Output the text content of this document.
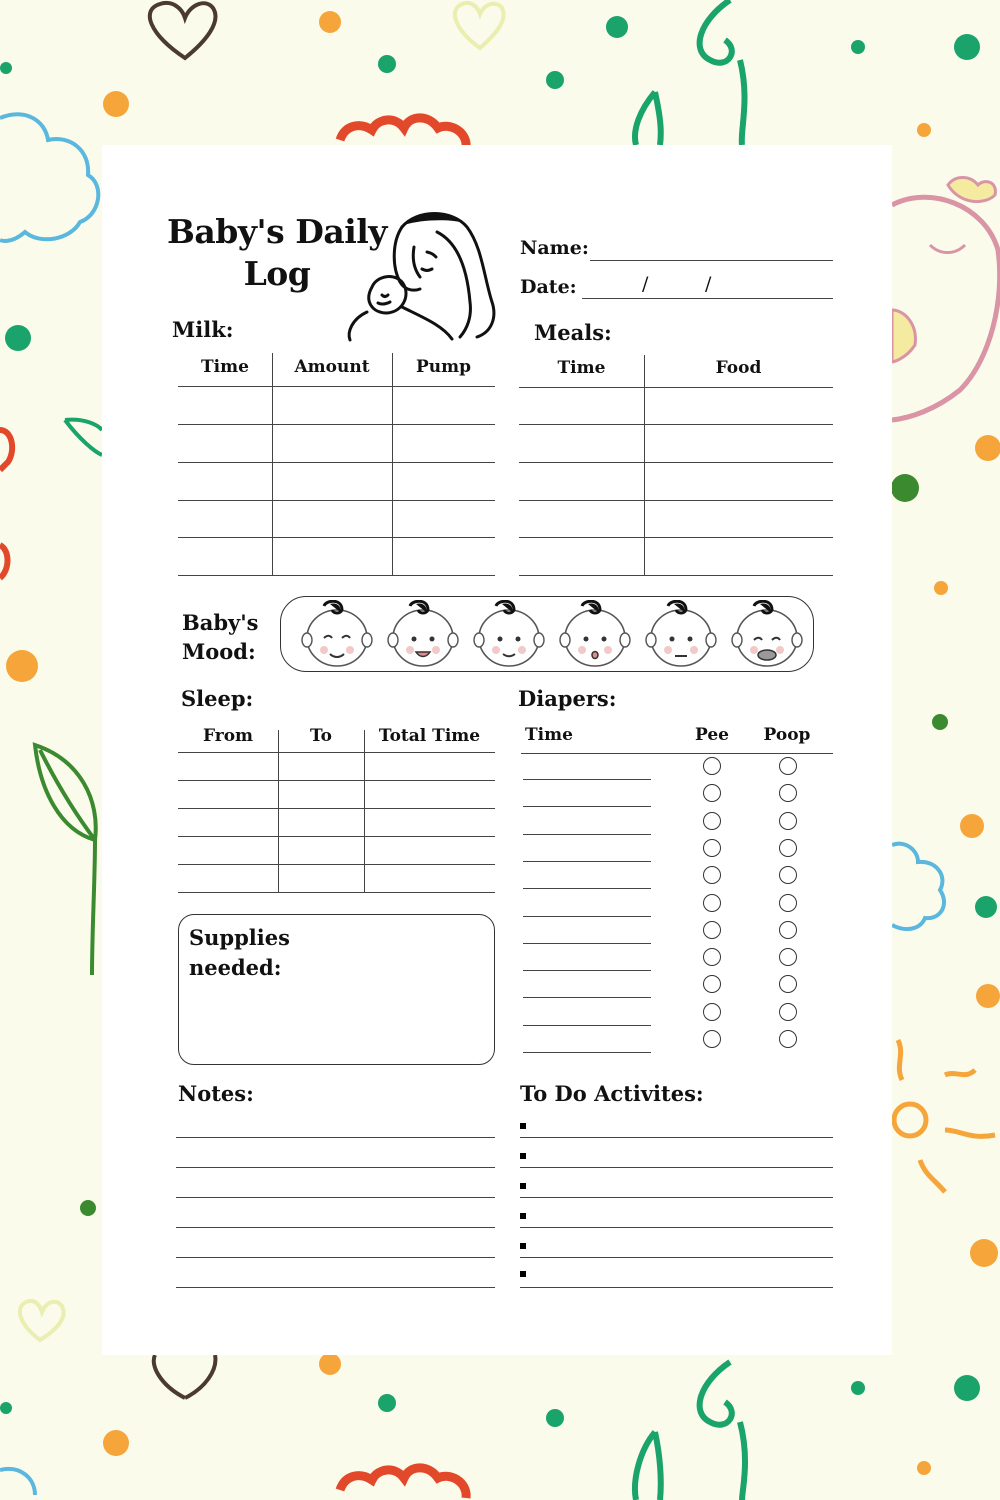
Baby's Daily Log
Name:
Date:	/	/
Milk:
Time	Amount	Pump
Meals:
Time	Food
Baby's
Mood:
Sleep:
From	To	Total Time
Supplies
needed:
Diapers:
Time	Pee	Poop
Notes:	To Do Activites:
